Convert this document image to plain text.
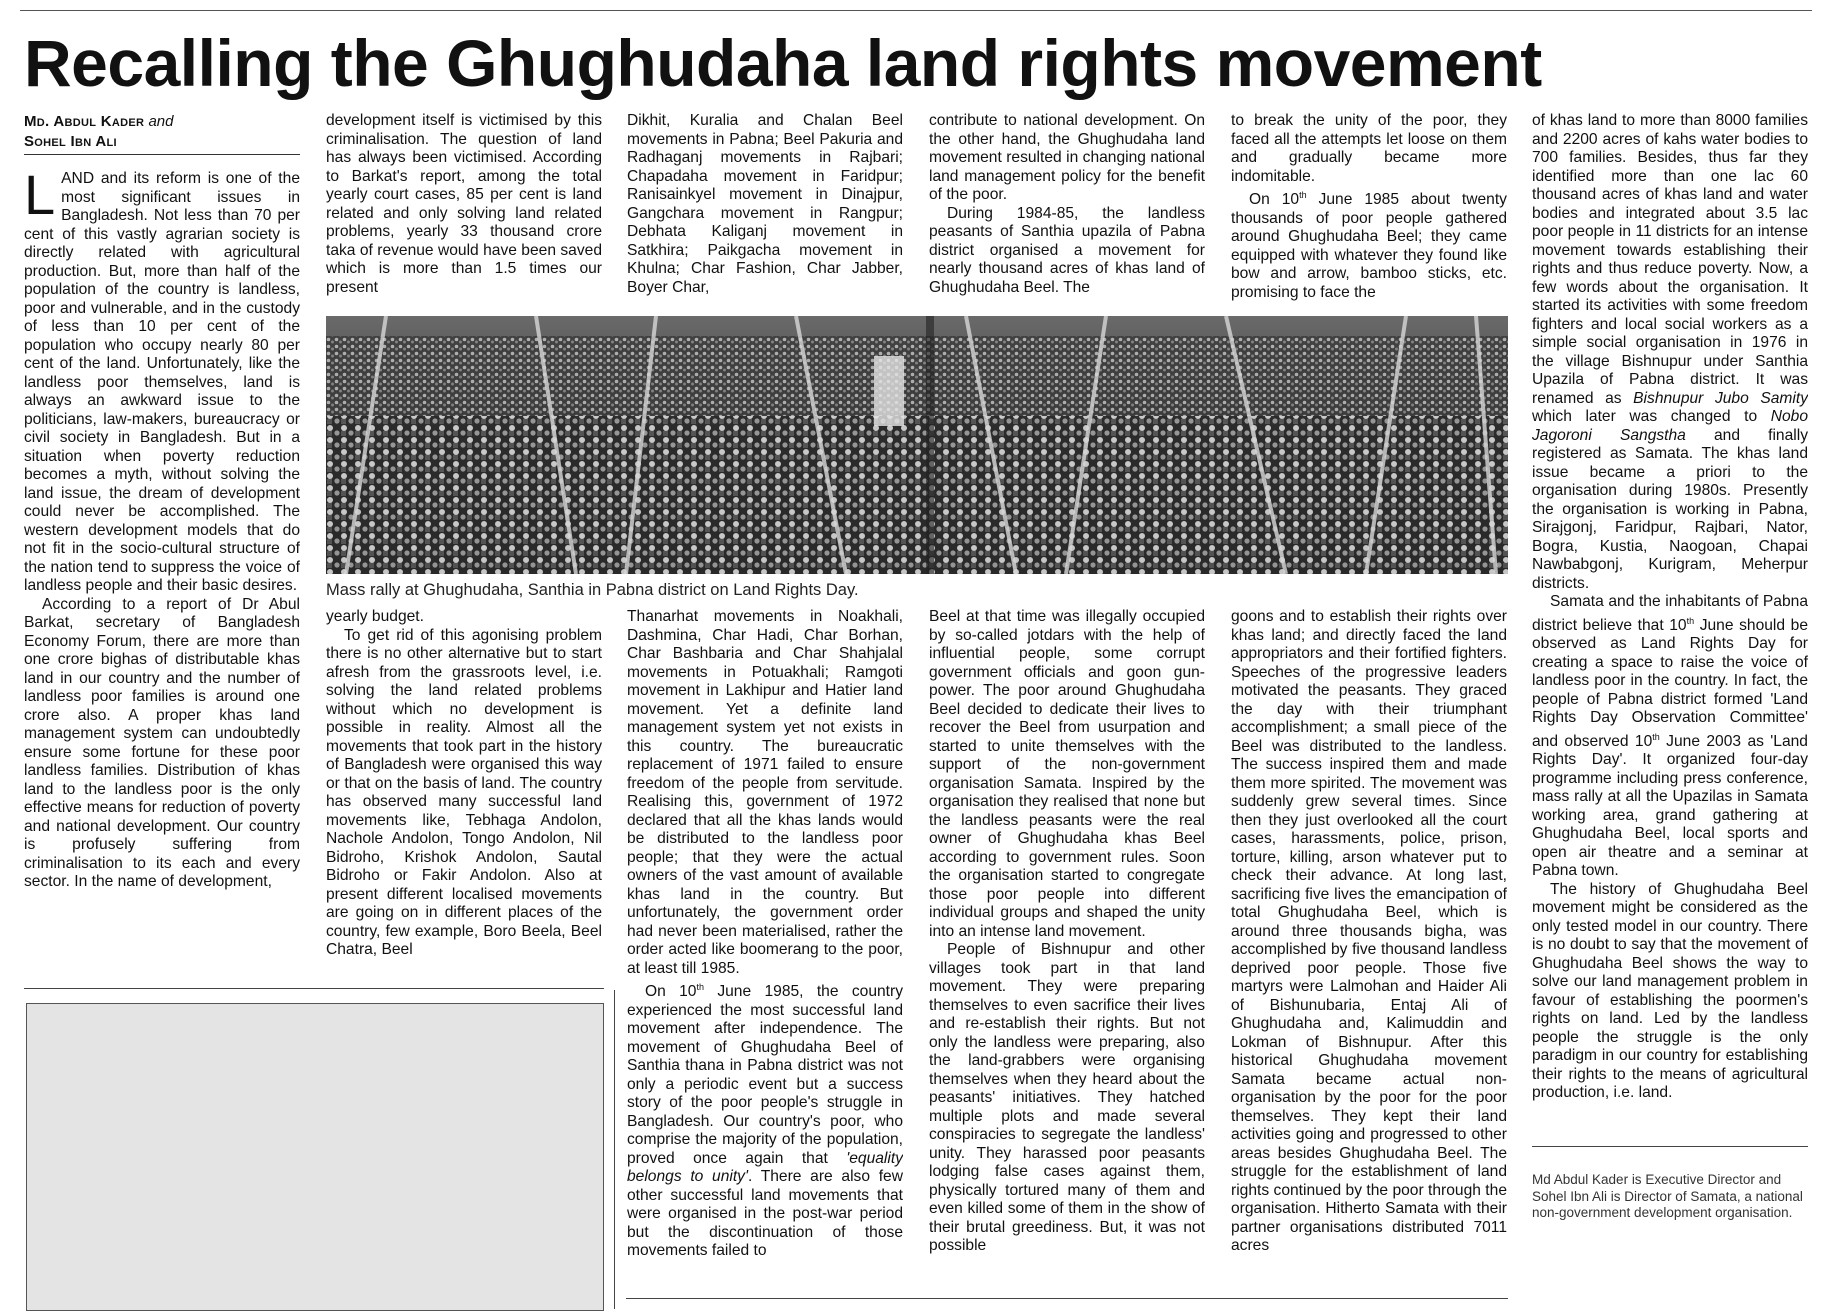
Recalling the Ghughudaha land rights movement
Md. Abdul Kader and
Sohel Ibn Ali

LAND and its reform is one of the most significant issues in Bangladesh. Not less than 70 per cent of this vastly agrarian society is directly related with agricultural production. But, more than half of the population of the country is landless, poor and vulnerable, and in the custody of less than 10 per cent of the population who occupy nearly 80 per cent of the land. Unfortunately, like the landless poor themselves, land is always an awkward issue to the politicians, law-makers, bureaucracy or civil society in Bangladesh. But in a situation when poverty reduction becomes a myth, without solving the land issue, the dream of development could never be accomplished. The western development models that do not fit in the socio-cultural structure of the nation tend to suppress the voice of landless people and their basic desires.

According to a report of Dr Abul Barkat, secretary of Bangladesh Economy Forum, there are more than one crore bighas of distributable khas land in our country and the number of landless poor families is around one crore also. A proper khas land management system can undoubtedly ensure some fortune for these poor landless families. Distribution of khas land to the landless poor is the only effective means for reduction of poverty and national development. Our country is profusely suffering from criminalisation to its each and every sector. In the name of development,

development itself is victimised by this criminalisation. The question of land has always been victimised. According to Barkat's report, among the total yearly court cases, 85 per cent is land related and only solving land related problems, yearly 33 thousand crore taka of revenue would have been saved which is more than 1.5 times our present

Dikhit, Kuralia and Chalan Beel movements in Pabna; Beel Pakuria and Radhaganj movements in Rajbari; Chapadaha movement in Faridpur; Ranisainkyel movement in Dinajpur, Gangchara movement in Rangpur; Debhata Kaliganj movement in Satkhira; Paikgacha movement in Khulna; Char Fashion, Char Jabber, Boyer Char,

contribute to national development. On the other hand, the Ghughudaha land movement resulted in changing national land management policy for the benefit of the poor.

During 1984-85, the landless peasants of Santhia upazila of Pabna district organised a movement for nearly thousand acres of khas land of Ghughudaha Beel. The

to break the unity of the poor, they faced all the attempts let loose on them and gradually became more indomitable.

On 10th June 1985 about twenty thousands of poor people gathered around Ghughudaha Beel; they came equipped with whatever they found like bow and arrow, bamboo sticks, etc. promising to face the

of khas land to more than 8000 families and 2200 acres of kahs water bodies to 700 families. Besides, thus far they identified more than one lac 60 thousand acres of khas land and water bodies and integrated about 3.5 lac poor people in 11 districts for an intense movement towards establishing their rights and thus reduce poverty. Now, a few words about the organisation. It started its activities with some freedom fighters and local social workers as a simple social organisation in 1976 in the village Bishnupur under Santhia Upazila of Pabna district. It was renamed as Bishnupur Jubo Samity which later was changed to Nobo Jagoroni Sangstha and finally registered as Samata. The khas land issue became a priori to the organisation during 1980s. Presently the organisation is working in Pabna, Sirajgonj, Faridpur, Rajbari, Nator, Bogra, Kustia, Naogoan, Chapai Nawbabgonj, Kurigram, Meherpur districts.

Samata and the inhabitants of Pabna district believe that 10th June should be observed as Land Rights Day for creating a space to raise the voice of landless poor in the country. In fact, the people of Pabna district formed 'Land Rights Day Observation Committee' and observed 10th June 2003 as 'Land Rights Day'. It organized four-day programme including press conference, mass rally at all the Upazilas in Samata working area, grand gathering at Ghughudaha Beel, local sports and open air theatre and a seminar at Pabna town.

The history of Ghughudaha Beel movement might be considered as the only tested model in our country. There is no doubt to say that the movement of Ghughudaha Beel shows the way to solve our land management problem in favour of establishing the poormen's rights on land. Led by the landless people the struggle is the only paradigm in our country for establishing their rights to the means of agricultural production, i.e. land.

Md Abdul Kader is Executive Director and Sohel Ibn Ali is Director of Samata, a national non-government development organisation.
Mass rally at Ghughudaha, Santhia in Pabna district on Land Rights Day.

yearly budget.

To get rid of this agonising problem there is no other alternative but to start afresh from the grassroots level, i.e. solving the land related problems without which no development is possible in reality. Almost all the movements that took part in the history of Bangladesh were organised this way or that on the basis of land. The country has observed many successful land movements like, Tebhaga Andolon, Nachole Andolon, Tongo Andolon, Nil Bidroho, Krishok Andolon, Sautal Bidroho or Fakir Andolon. Also at present different localised movements are going on in different places of the country, few example, Boro Beela, Beel Chatra, Beel

Thanarhat movements in Noakhali, Dashmina, Char Hadi, Char Borhan, Char Bashbaria and Char Shahjalal movements in Potuakhali; Ramgoti movement in Lakhipur and Hatier land movement. Yet a definite land management system yet not exists in this country. The bureaucratic replacement of 1971 failed to ensure freedom of the people from servitude. Realising this, government of 1972 declared that all the khas lands would be distributed to the landless poor people; that they were the actual owners of the vast amount of available khas land in the country. But unfortunately, the government order had never been materialised, rather the order acted like boomerang to the poor, at least till 1985.

On 10th June 1985, the country experienced the most successful land movement after independence. The movement of Ghughudaha Beel of Santhia thana in Pabna district was not only a periodic event but a success story of the poor people's struggle in Bangladesh. Our country's poor, who comprise the majority of the population, proved once again that 'equality belongs to unity'. There are also few other successful land movements that were organised in the post-war period but the discontinuation of those movements failed to

Beel at that time was illegally occupied by so-called jotdars with the help of influential people, some corrupt government officials and goon gun-power. The poor around Ghughudaha Beel decided to dedicate their lives to recover the Beel from usurpation and started to unite themselves with the support of the non-government organisation Samata. Inspired by the organisation they realised that none but the landless peasants were the real owner of Ghughudaha khas Beel according to government rules. Soon the organisation started to congregate those poor people into different individual groups and shaped the unity into an intense land movement.

People of Bishnupur and other villages took part in that land movement. They were preparing themselves to even sacrifice their lives and re-establish their rights. But not only the landless were preparing, also the land-grabbers were organising themselves when they heard about the peasants' initiatives. They hatched multiple plots and made several conspiracies to segregate the landless' unity. They harassed poor peasants lodging false cases against them, physically tortured many of them and even killed some of them in the show of their brutal greediness. But, it was not possible

goons and to establish their rights over khas land; and directly faced the land appropriators and their fortified fighters. Speeches of the progressive leaders motivated the peasants. They graced the day with their triumphant accomplishment; a small piece of the Beel was distributed to the landless. The success inspired them and made them more spirited. The movement was suddenly grew several times. Since then they just overlooked all the court cases, harassments, police, prison, torture, killing, arson whatever put to check their advance. At long last, sacrificing five lives the emancipation of total Ghughudaha Beel, which is around three thousands bigha, was accomplished by five thousand landless deprived poor people. Those five martyrs were Lalmohan and Haider Ali of Bishunubaria, Entaj Ali of Ghughudaha and, Kalimuddin and Lokman of Bishnupur. After this historical Ghughudaha movement Samata became actual non-organisation by the poor for the poor themselves. They kept their land activities going and progressed to other areas besides Ghughudaha Beel. The struggle for the establishment of land rights continued by the poor through the organisation. Hitherto Samata with their partner organisations distributed 7011 acres
